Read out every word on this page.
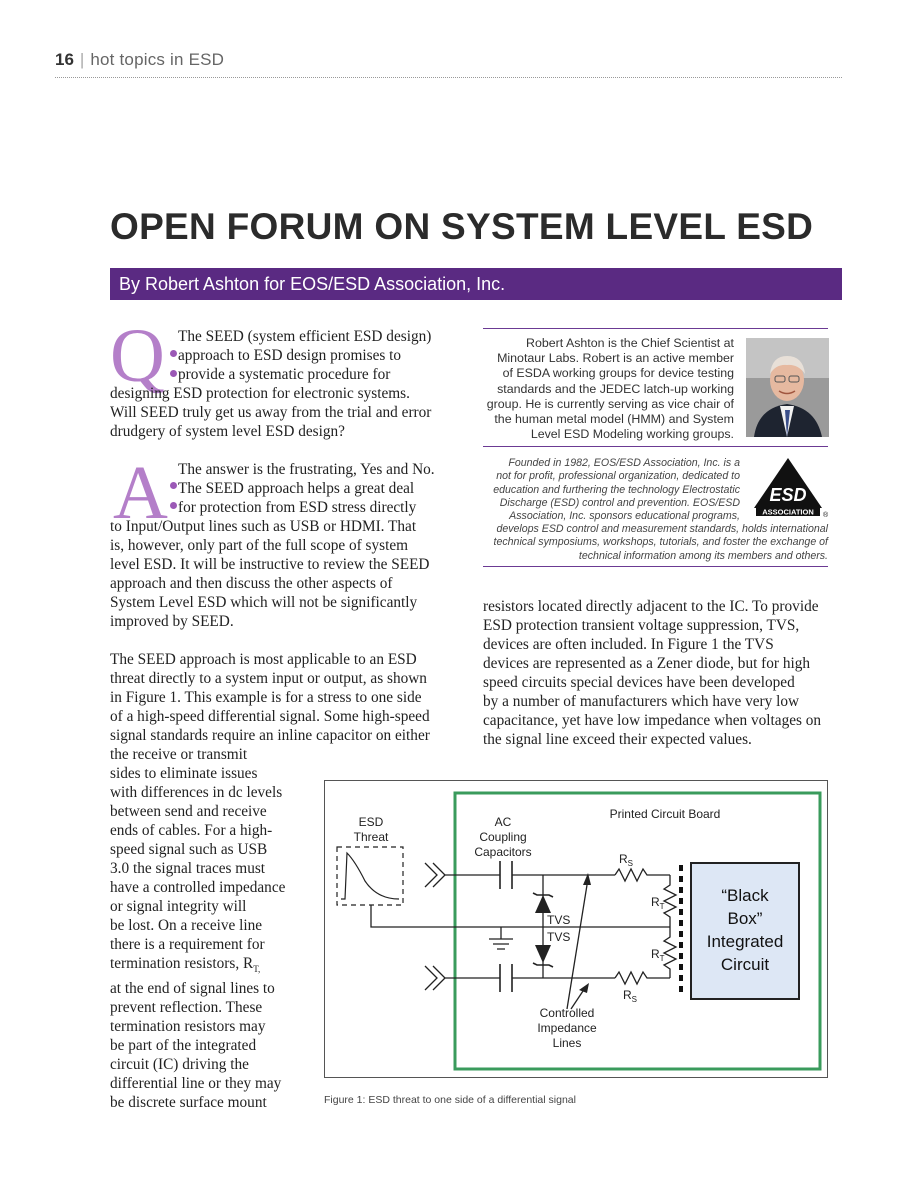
16 | hot topics in ESD
OPEN FORUM ON SYSTEM LEVEL ESD
By Robert Ashton for EOS/ESD Association, Inc.
Q The SEED (system efficient ESD design)
approach to ESD design promises to
provide a systematic procedure for
designing ESD protection for electronic systems.
Will SEED truly get us away from the trial and error
drudgery of system level ESD design?
A The answer is the frustrating, Yes and No.
The SEED approach helps a great deal
for protection from ESD stress directly
to Input/Output lines such as USB or HDMI. That
is, however, only part of the full scope of system
level ESD. It will be instructive to review the SEED
approach and then discuss the other aspects of
System Level ESD which will not be significantly
improved by SEED.
The SEED approach is most applicable to an ESD
threat directly to a system input or output, as shown
in Figure 1. This example is for a stress to one side
of a high-speed differential signal. Some high-speed
signal standards require an inline capacitor on either
the receive or transmit
sides to eliminate issues
with differences in dc levels
between send and receive
ends of cables. For a high-
speed signal such as USB
3.0 the signal traces must
have a controlled impedance
or signal integrity will
be lost. On a receive line
there is a requirement for
termination resistors, $R_{T,}$
at the end of signal lines to
prevent reflection. These
termination resistors may
be part of the integrated
circuit (IC) driving the
differential line or they may
be discrete surface mount
Robert Ashton is the Chief Scientist at
Minotaur Labs. Robert is an active member
of ESDA working groups for device testing
standards and the JEDEC latch-up working
group. He is currently serving as vice chair of
the human metal model (HMM) and System
Level ESD Modeling working groups.
Founded in 1982, EOS/ESD Association, Inc. is a
not for profit, professional organization, dedicated to
education and furthering the technology Electrostatic
Discharge (ESD) control and prevention. EOS/ESD
Association, Inc. sponsors educational programs,
develops ESD control and measurement standards, holds international
technical symposiums, workshops, tutorials, and foster the exchange of
technical information among its members and others.
ESD
ASSOCIATION ®
resistors located directly adjacent to the IC. To provide
ESD protection transient voltage suppression, TVS,
devices are often included. In Figure 1 the TVS
devices are represented as a Zener diode, but for high
speed circuits special devices have been developed
by a number of manufacturers which have very low
capacitance, yet have low impedance when voltages on
the signal line exceed their expected values.
Printed Circuit Board
ESD
Threat
AC
Coupling
Capacitors	$R_S$
$R_S$
TVS
TVS
Controlled
Impedance
Lines
$R_T$
$R_T$
“Black
Box”
Integrated
Circuit
Figure 1: ESD threat to one side of a differential signal
